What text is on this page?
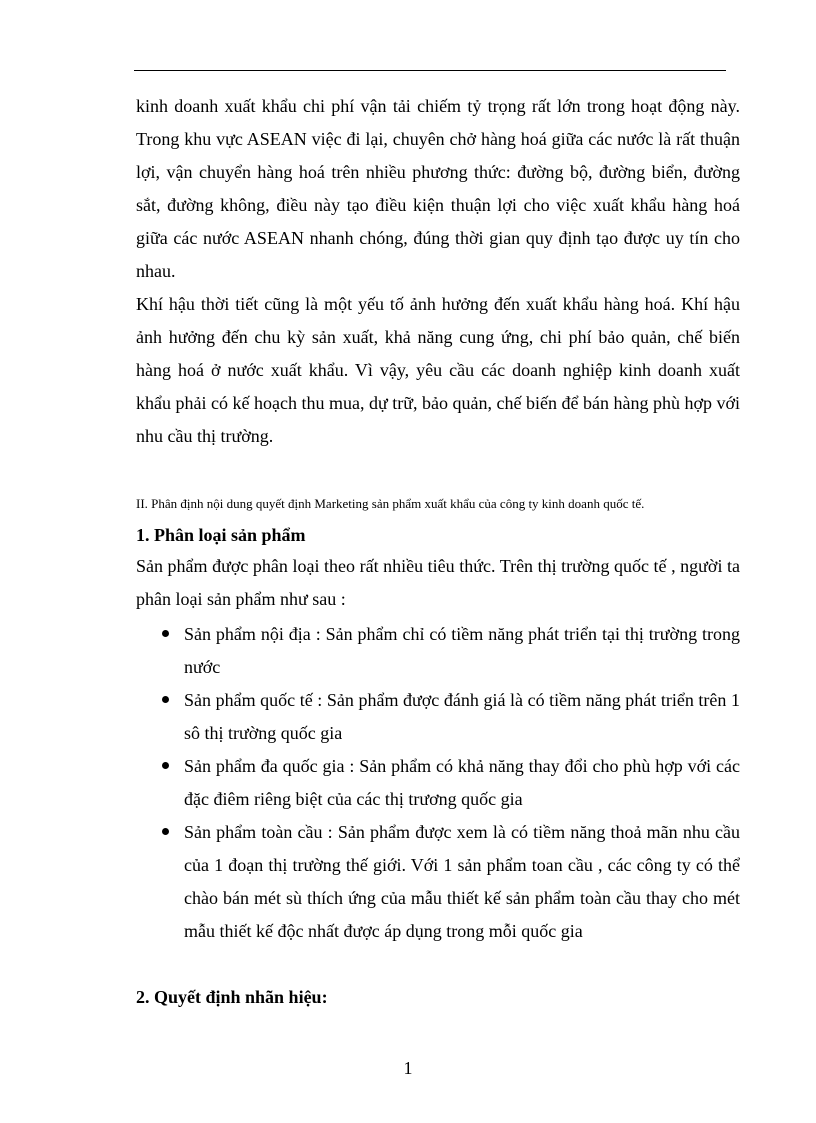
kinh doanh xuất khẩu chi phí vận tải chiếm tỷ trọng rất lớn trong hoạt động này. Trong khu vực ASEAN việc đi lại, chuyên chở hàng hoá giữa các nước là rất thuận lợi, vận chuyển hàng hoá trên nhiều phương thức: đường bộ, đường biển, đường sắt, đường không, điều này tạo điều kiện thuận lợi cho việc xuất khẩu hàng hoá giữa các nước ASEAN nhanh chóng, đúng thời gian quy định tạo được uy tín cho nhau.

Khí hậu thời tiết cũng là một yếu tố ảnh hưởng đến xuất khẩu hàng hoá. Khí hậu ảnh hưởng đến chu kỳ sản xuất, khả năng cung ứng, chi phí bảo quản, chế biến hàng hoá ở nước xuất khẩu. Vì vậy, yêu cầu các doanh nghiệp kinh doanh xuất khẩu phải có kế hoạch thu mua, dự trữ, bảo quản, chế biến để bán hàng phù hợp với nhu cầu thị trường.

II. Phân định nội dung quyết định Marketing sản phẩm xuất khẩu của công ty kinh doanh quốc tế.

1. Phân loại sản phẩm

Sản phẩm được phân loại theo rất nhiều tiêu thức. Trên thị trường quốc tế , người ta phân loại sản phẩm như sau :

Sản phẩm nội địa : Sản phẩm chỉ có tiềm năng phát triển tại thị trường trong nước
Sản phẩm quốc tế : Sản phẩm được đánh giá là có tiềm năng phát triển trên 1 sô thị trường quốc gia
Sản phẩm đa quốc gia : Sản phẩm có khả năng thay đổi cho phù hợp với các đặc điêm riêng biệt của các thị trương quốc gia
Sản phẩm toàn cầu : Sản phẩm được xem là có tiềm năng thoả mãn nhu cầu của 1 đoạn thị trường thế giới. Với 1 sản phẩm toan cầu , các công ty có thể chào bán mét sù thích ứng của mẫu thiết kế sản phẩm toàn cầu thay cho mét mẫu thiết kế độc nhất được áp dụng trong mỗi quốc gia

2. Quyết định nhãn hiệu:

1
